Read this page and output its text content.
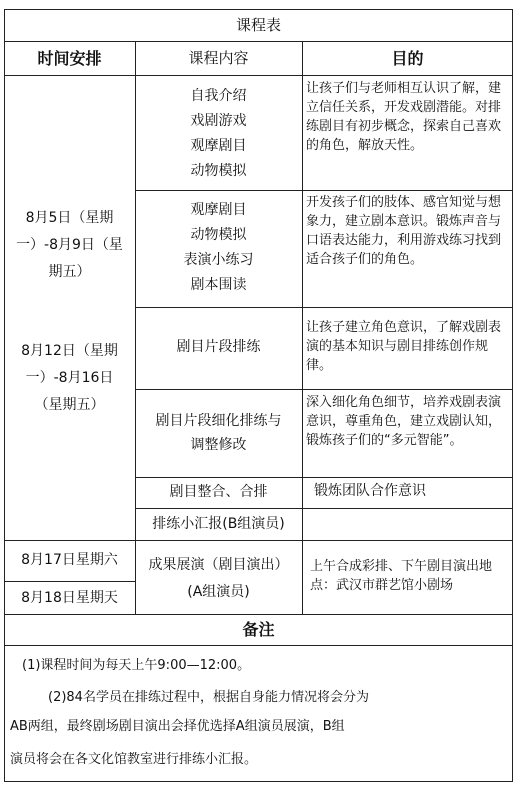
课程表
时间安排	课程内容	目的
8月5日（星期
一）-8月9日（星
期五）
8月12日（星期
一）-8月16日
（星期五）
8月17日星期六
8月18日星期天
自我介绍
戏剧游戏
观摩剧目
动物模拟
观摩剧目
动物模拟
表演小练习
剧本围读
剧目片段排练
剧目片段细化排练与
调整修改
剧目整合、合排
排练小汇报(B组演员)
成果展演（剧目演出）
(A组演员)
让孩子们与老师相互认识了解，建立信任关系，开发戏剧潜能。对排练剧目有初步概念，探索自己喜欢的角色，解放天性。
开发孩子们的肢体、感官知觉与想象力，建立剧本意识。锻炼声音与口语表达能力，利用游戏练习找到适合孩子们的角色。
让孩子建立角色意识，了解戏剧表演的基本知识与剧目排练创作规律。
深入细化角色细节，培养戏剧表演意识，尊重角色，建立戏剧认知，锻炼孩子们的“多元智能”。
锻炼团队合作意识
上午合成彩排、下午剧目演出地点：武汉市群艺馆小剧场
备注
(1)课程时间为每天上午9:00—12:00。
(2)84名学员在排练过程中，根据自身能力情况将会分为
AB两组，最终剧场剧目演出会择优选择A组演员展演，B组
演员将会在各文化馆教室进行排练小汇报。
